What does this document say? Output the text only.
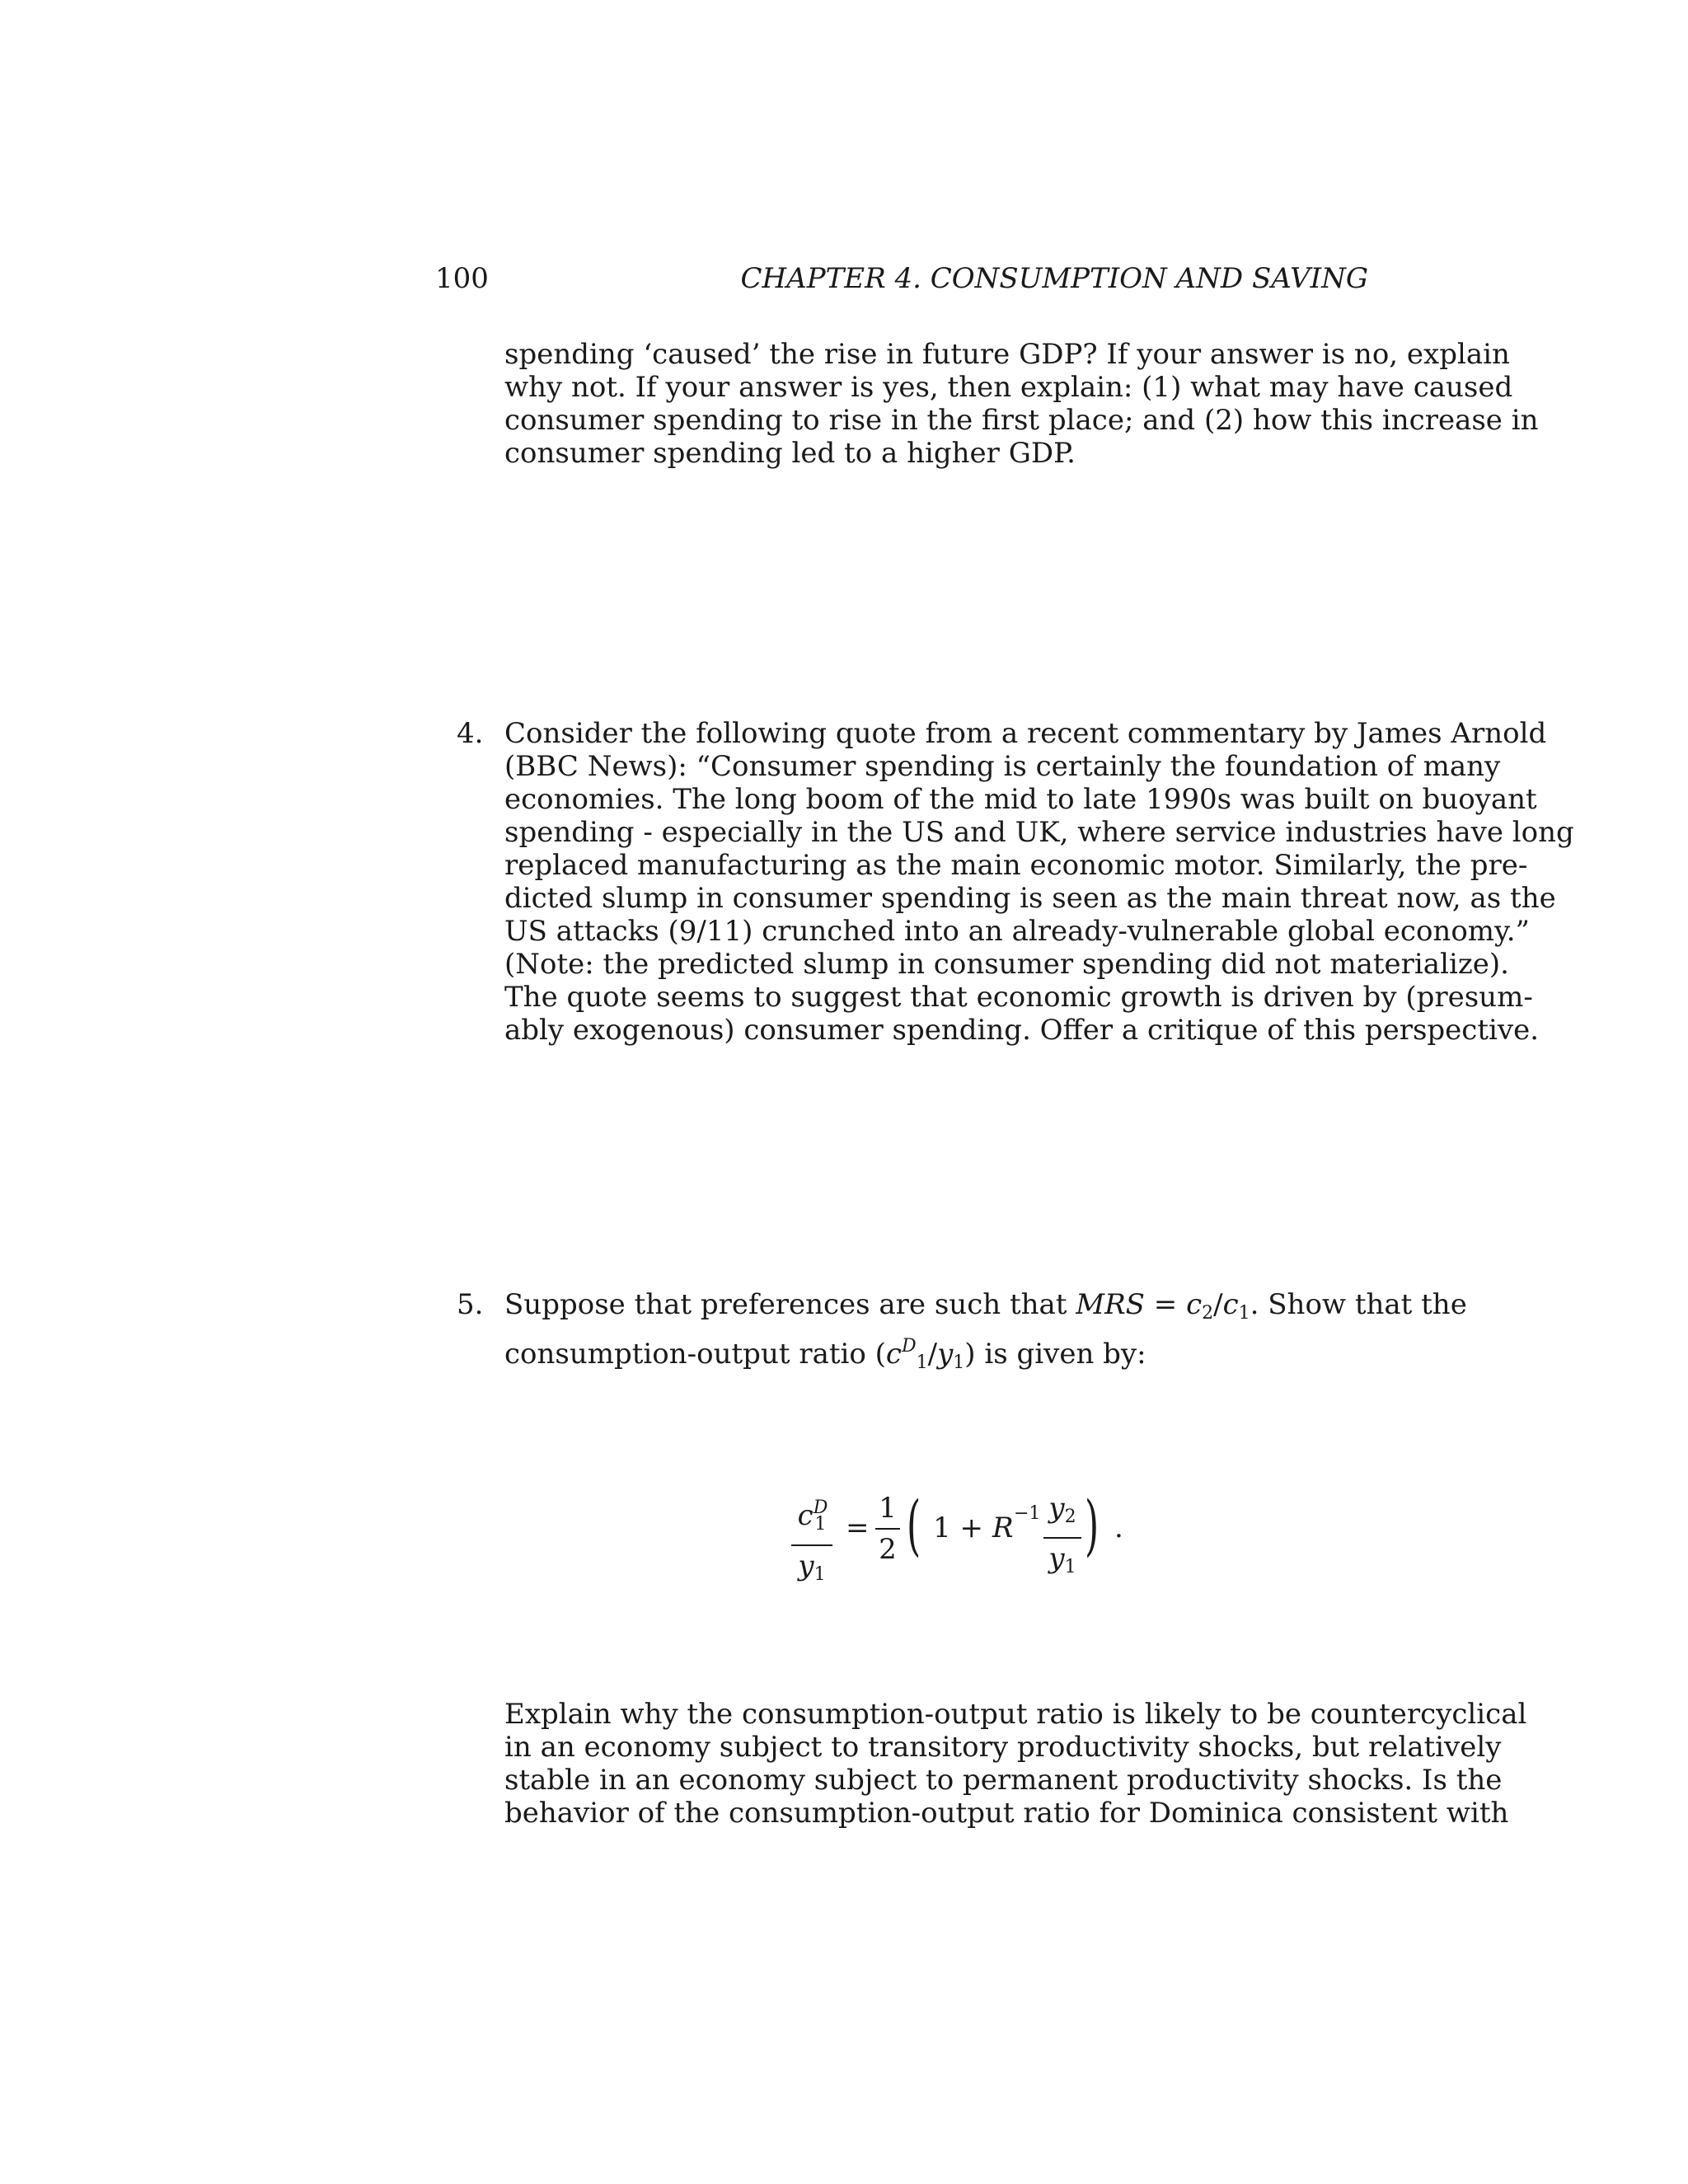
100	CHAPTER 4. CONSUMPTION AND SAVING
spending ‘caused’ the rise in future GDP? If your answer is no, explain
why not. If your answer is yes, then explain: (1) what may have caused
consumer spending to rise in the first place; and (2) how this increase in
consumer spending led to a higher GDP.
4. Consider the following quote from a recent commentary by James Arnold
(BBC News): “Consumer spending is certainly the foundation of many
economies. The long boom of the mid to late 1990s was built on buoyant
spending - especially in the US and UK, where service industries have long
replaced manufacturing as the main economic motor. Similarly, the pre-
dicted slump in consumer spending is seen as the main threat now, as the
US attacks (9/11) crunched into an already-vulnerable global economy.”
(Note: the predicted slump in consumer spending did not materialize).
The quote seems to suggest that economic growth is driven by (presum-
ably exogenous) consumer spending. Offer a critique of this perspective.
5. Suppose that preferences are such that MRS = $c_2/c_1$. Show that the
consumption-output ratio $(c^D_1/y_1)$ is given by:
$c^D_1$
$y_1$
=
1
2 ( 1 + R −1 $y_2$
$y_1$
) .
Explain why the consumption-output ratio is likely to be countercyclical
in an economy subject to transitory productivity shocks, but relatively
stable in an economy subject to permanent productivity shocks. Is the
behavior of the consumption-output ratio for Dominica consistent with
